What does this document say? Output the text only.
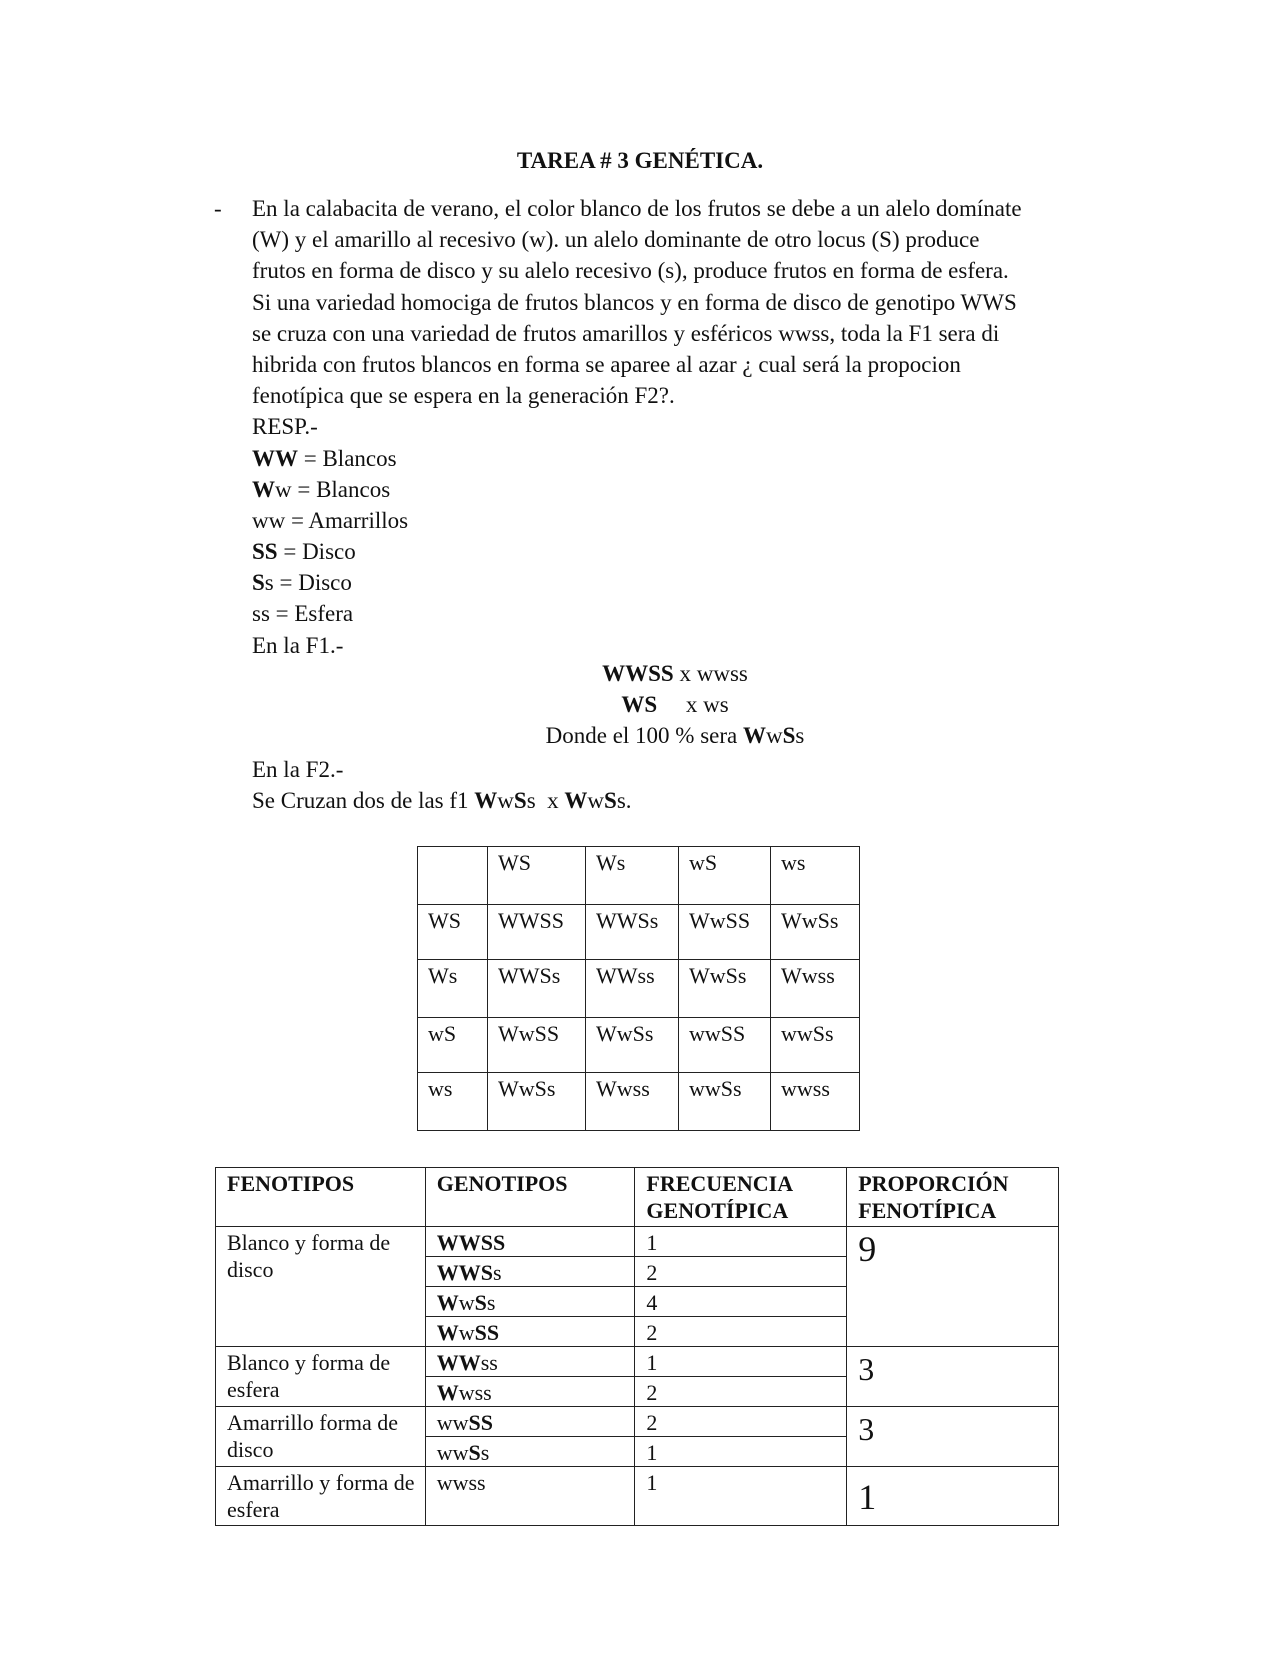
TAREA # 3 GENÉTICA.
- En la calabacita de verano, el color blanco de los frutos se debe a un alelo domínate
(W) y el amarillo al recesivo (w). un alelo dominante de otro locus (S) produce
frutos en forma de disco y su alelo recesivo (s), produce frutos en forma de esfera.
Si una variedad homociga de frutos blancos y en forma de disco de genotipo WWS
se cruza con una variedad de frutos amarillos y esféricos wwss, toda la F1 sera di
hibrida con frutos blancos en forma se aparee al azar ¿ cual será la propocion
fenotípica que se espera en la generación F2?.
RESP.-
WW = Blancos
Ww = Blancos
ww = Amarrillos
SS = Disco
Ss = Disco
ss = Esfera
En la F1.-
WWSS x wwss
WS     x ws
Donde el 100 % sera WwSs
En la F2.-
Se Cruzan dos de las f1 WwSs  x WwSs.
	WS	Ws	wS	ws
WS	WWSS	WWSs	WwSS	WwSs
Ws	WWSs	WWss	WwSs	Wwss
wS	WwSS	WwSs	wwSS	wwSs
ws	WwSs	Wwss	wwSs	wwss
FENOTIPOS	GENOTIPOS	FRECUENCIA GENOTÍPICA	PROPORCIÓN FENOTÍPICA
Blanco y forma de disco	WWSS	1	9
	WWSs	2	
	WwSs	4	
	WwSS	2	
Blanco y forma de esfera	WWss	1	3
	Wwss	2	
Amarrillo forma de disco	wwSS	2	3
	wwSs	1	
Amarrillo y forma de esfera	wwss	1	1
